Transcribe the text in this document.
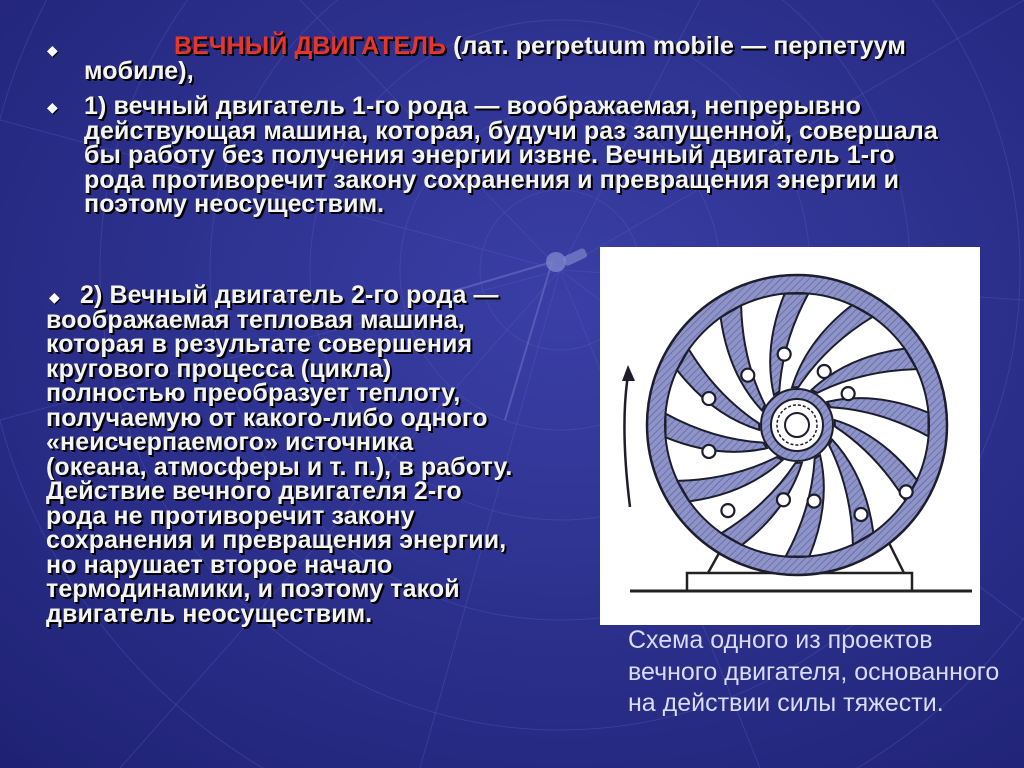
◆	ВЕЧНЫЙ ДВИГАТЕЛЬ (лат. perpetuum mobile — перпетуум мобиле),

◆ 1) вечный двигатель 1-го рода — воображаемая, непрерывно действующая машина, которая, будучи раз запущенной, совершала бы работу без получения энергии извне. Вечный двигатель 1-го рода противоречит закону сохранения и превращения энергии и поэтому неосуществим.

◆ 2) Вечный двигатель 2-го рода — воображаемая тепловая машина, которая в результате совершения кругового процесса (цикла) полностью преобразует теплоту, получаемую от какого-либо одного «неисчерпаемого» источника (океана, атмосферы и т. п.), в работу. Действие вечного двигателя 2-го рода не противоречит закону сохранения и превращения энергии, но нарушает второе начало термодинамики, и поэтому такой двигатель неосуществим.

Схема одного из проектов вечного двигателя, основанного на действии силы тяжести.
